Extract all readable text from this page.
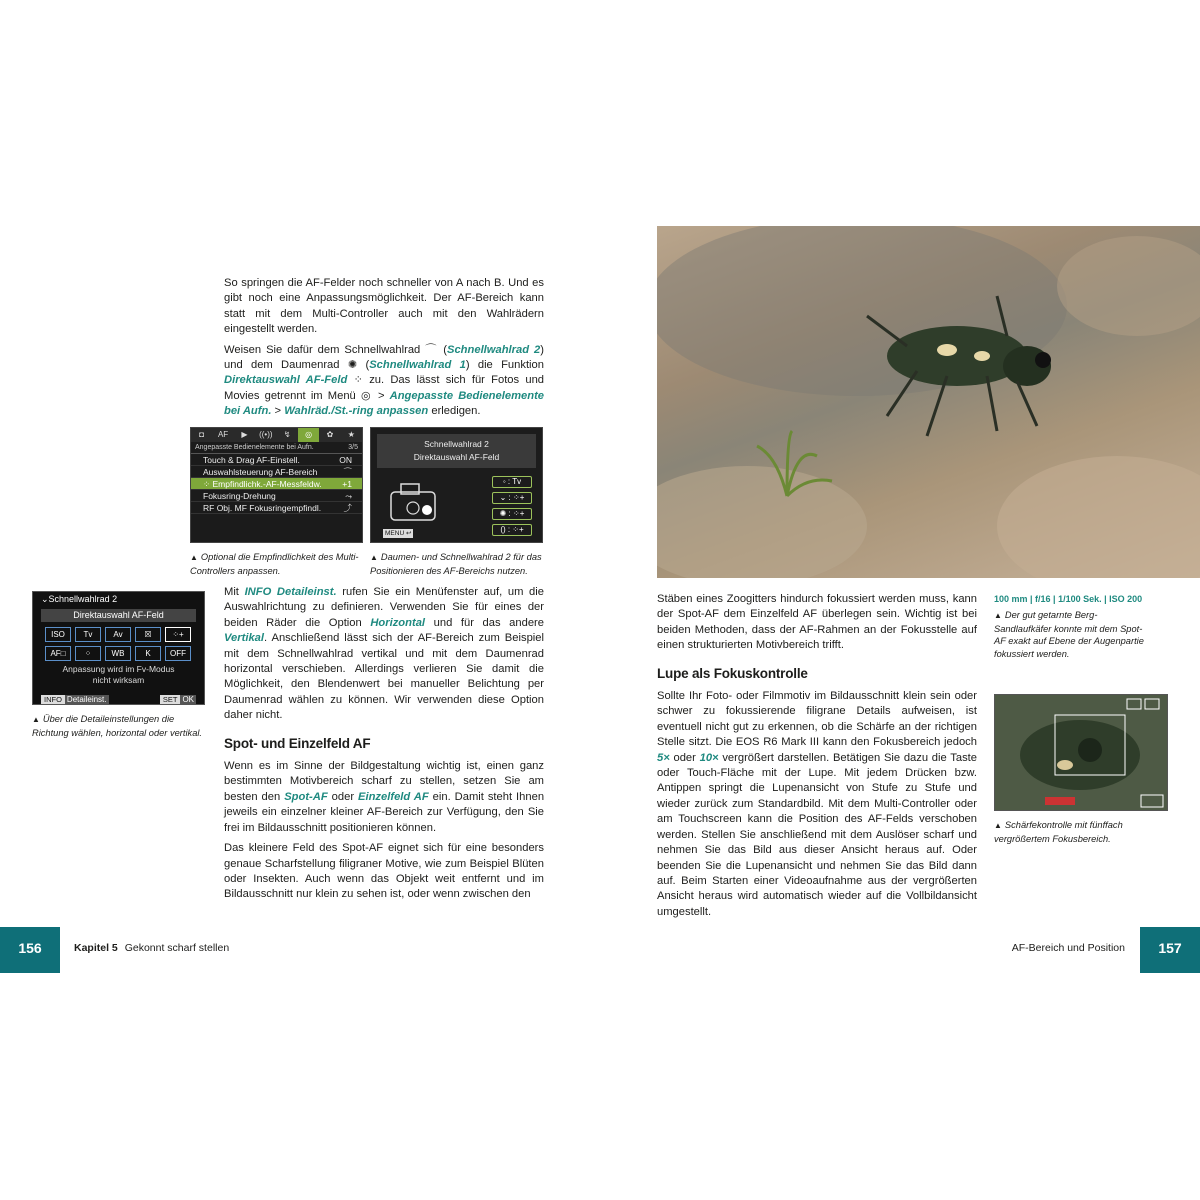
So springen die AF-Felder noch schneller von A nach B. Und es gibt noch eine Anpassungsmöglichkeit. Der AF-Bereich kann statt mit dem Multi-Controller auch mit den Wahlrädern eingestellt werden.

Weisen Sie dafür dem Schnellwahlrad ⌒ (Schnellwahlrad 2) und dem Daumenrad ✺ (Schnellwahlrad 1) die Funktion Direktauswahl AF-Feld ⁘ zu. Das lässt sich für Fotos und Movies getrennt im Menü ◎ > Angepasste Bedienelemente bei Aufn. > Wahlräd./St.-ring anpassen erledigen.

◘	AF	▶	((•))	↯	◎	✿	★
Angepasste Bedienelemente bei Aufn.	3/5
Touch & Drag AF-Einstell.	ON
Auswahlsteuerung AF-Bereich	⌒
⁘ Empfindlichk.-AF-Messfeldw. +1
Fokusring-Drehung	⤳
RF Obj. MF Fokusringempfindl.	⤴
Schnellwahlrad 2
Direktauswahl AF-Feld
◦ : Tv
⌄ : ⁘+
✺ : ⁘+
() : ⁘+
MENU ↩
▲ Optional die Empfindlichkeit des Multi-Controllers anpassen.
▲ Daumen- und Schnellwahlrad 2 für das Positionieren des AF-Bereichs nutzen.
⌄Schnellwahlrad 2
Direktauswahl AF-Feld
ISO	Tv	Av	☒	⁘+
AF□	⁘	WB	K	OFF
Anpassung wird im Fv-Modus
nicht wirksam
INFO Detaileinst.	SET OK
▲ Über die Detaileinstellungen die Richtung wählen, horizontal oder vertikal.

Mit INFO Detaileinst. rufen Sie ein Menüfenster auf, um die Auswahlrichtung zu definieren. Verwenden Sie für eines der beiden Räder die Option Horizontal und für das andere Vertikal. Anschließend lässt sich der AF-Bereich zum Beispiel mit dem Schnellwahlrad vertikal und mit dem Daumenrad horizontal verschieben. Allerdings verlieren Sie damit die Möglichkeit, den Blendenwert bei manueller Belichtung per Daumenrad wählen zu können. Wir verwenden diese Option daher nicht.

Spot- und Einzelfeld AF

Wenn es im Sinne der Bildgestaltung wichtig ist, einen ganz bestimmten Motivbereich scharf zu stellen, setzen Sie am besten den Spot-AF oder Einzelfeld AF ein. Damit steht Ihnen jeweils ein einzelner kleiner AF-Bereich zur Verfügung, den Sie frei im Bildausschnitt positionieren können.

Das kleinere Feld des Spot-AF eignet sich für eine besonders genaue Scharfstellung filigraner Motive, wie zum Beispiel Blüten oder Insekten. Auch wenn das Objekt weit entfernt und im Bildausschnitt nur klein zu sehen ist, oder wenn zwischen den

156	Kapitel 5 Gekonnt scharf stellen
100 mm | f/16 | 1/100 Sek. | ISO 200
▲ Der gut getarnte Berg-Sandlaufkäfer konnte mit dem Spot-AF exakt auf Ebene der Augenpartie fokussiert werden.

Stäben eines Zoogitters hindurch fokussiert werden muss, kann der Spot-AF dem Einzelfeld AF überlegen sein. Wichtig ist bei beiden Methoden, dass der AF-Rahmen an der Fokusstelle auf einen strukturierten Motivbereich trifft.

Lupe als Fokuskontrolle

Sollte Ihr Foto- oder Filmmotiv im Bildausschnitt klein sein oder schwer zu fokussierende filigrane Details aufweisen, ist eventuell nicht gut zu erkennen, ob die Schärfe an der richtigen Stelle sitzt. Die EOS R6 Mark III kann den Fokusbereich jedoch 5× oder 10× vergrößert darstellen. Betätigen Sie dazu die Taste oder Touch-Fläche mit der Lupe. Mit jedem Drücken bzw. Antippen springt die Lupenansicht von Stufe zu Stufe und wieder zurück zum Standardbild. Mit dem Multi-Controller oder am Touchscreen kann die Position des AF-Felds verschoben werden. Stellen Sie anschließend mit dem Auslöser scharf und nehmen Sie das Bild aus dieser Ansicht heraus auf. Oder beenden Sie die Lupenansicht und nehmen Sie das Bild dann auf. Beim Starten einer Videoaufnahme aus der vergrößerten Ansicht heraus wird automatisch wieder auf die Vollbildansicht umgestellt.

▲ Schärfekontrolle mit fünffach vergrößertem Fokusbereich.
AF-Bereich und Position	157
